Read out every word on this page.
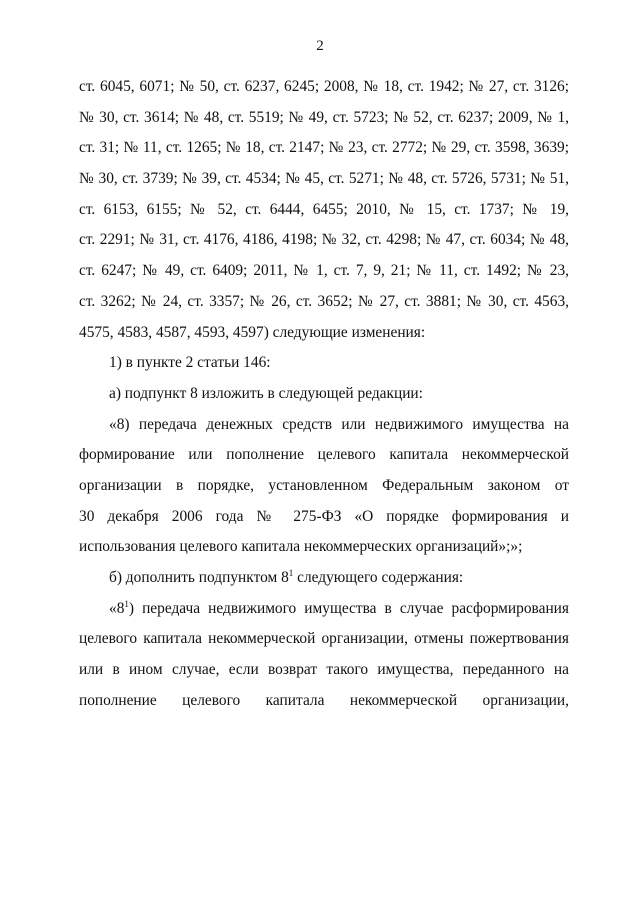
2
ст. 6045, 6071; № 50, ст. 6237, 6245; 2008, № 18, ст. 1942; № 27, ст. 3126;
№ 30, ст. 3614; № 48, ст. 5519; № 49, ст. 5723; № 52, ст. 6237; 2009, № 1,
ст. 31; № 11, ст. 1265; № 18, ст. 2147; № 23, ст. 2772; № 29, ст. 3598, 3639;
№ 30, ст. 3739; № 39, ст. 4534; № 45, ст. 5271; № 48, ст. 5726, 5731; № 51,
ст. 6153, 6155; № 52, ст. 6444, 6455; 2010, № 15, ст. 1737; № 19,
ст. 2291; № 31, ст. 4176, 4186, 4198; № 32, ст. 4298; № 47, ст. 6034; № 48,
ст. 6247; № 49, ст. 6409; 2011, № 1, ст. 7, 9, 21; № 11, ст. 1492; № 23,
ст. 3262; № 24, ст. 3357; № 26, ст. 3652; № 27, ст. 3881; № 30, ст. 4563,
4575, 4583, 4587, 4593, 4597) следующие изменения:
1) в пункте 2 статьи 146:
а) подпункт 8 изложить в следующей редакции:
«8) передача денежных средств или недвижимого имущества на
формирование или пополнение целевого капитала некоммерческой
организации в порядке, установленном Федеральным законом от
30 декабря 2006 года № 275-ФЗ «О порядке формирования и
использования целевого капитала некоммерческих организаций»;»;
б) дополнить подпунктом $8^1$ следующего содержания:
«$8^1$) передача недвижимого имущества в случае расформирования
целевого капитала некоммерческой организации, отмены пожертвования
или в ином случае, если возврат такого имущества, переданного на
пополнение целевого капитала некоммерческой организации,
